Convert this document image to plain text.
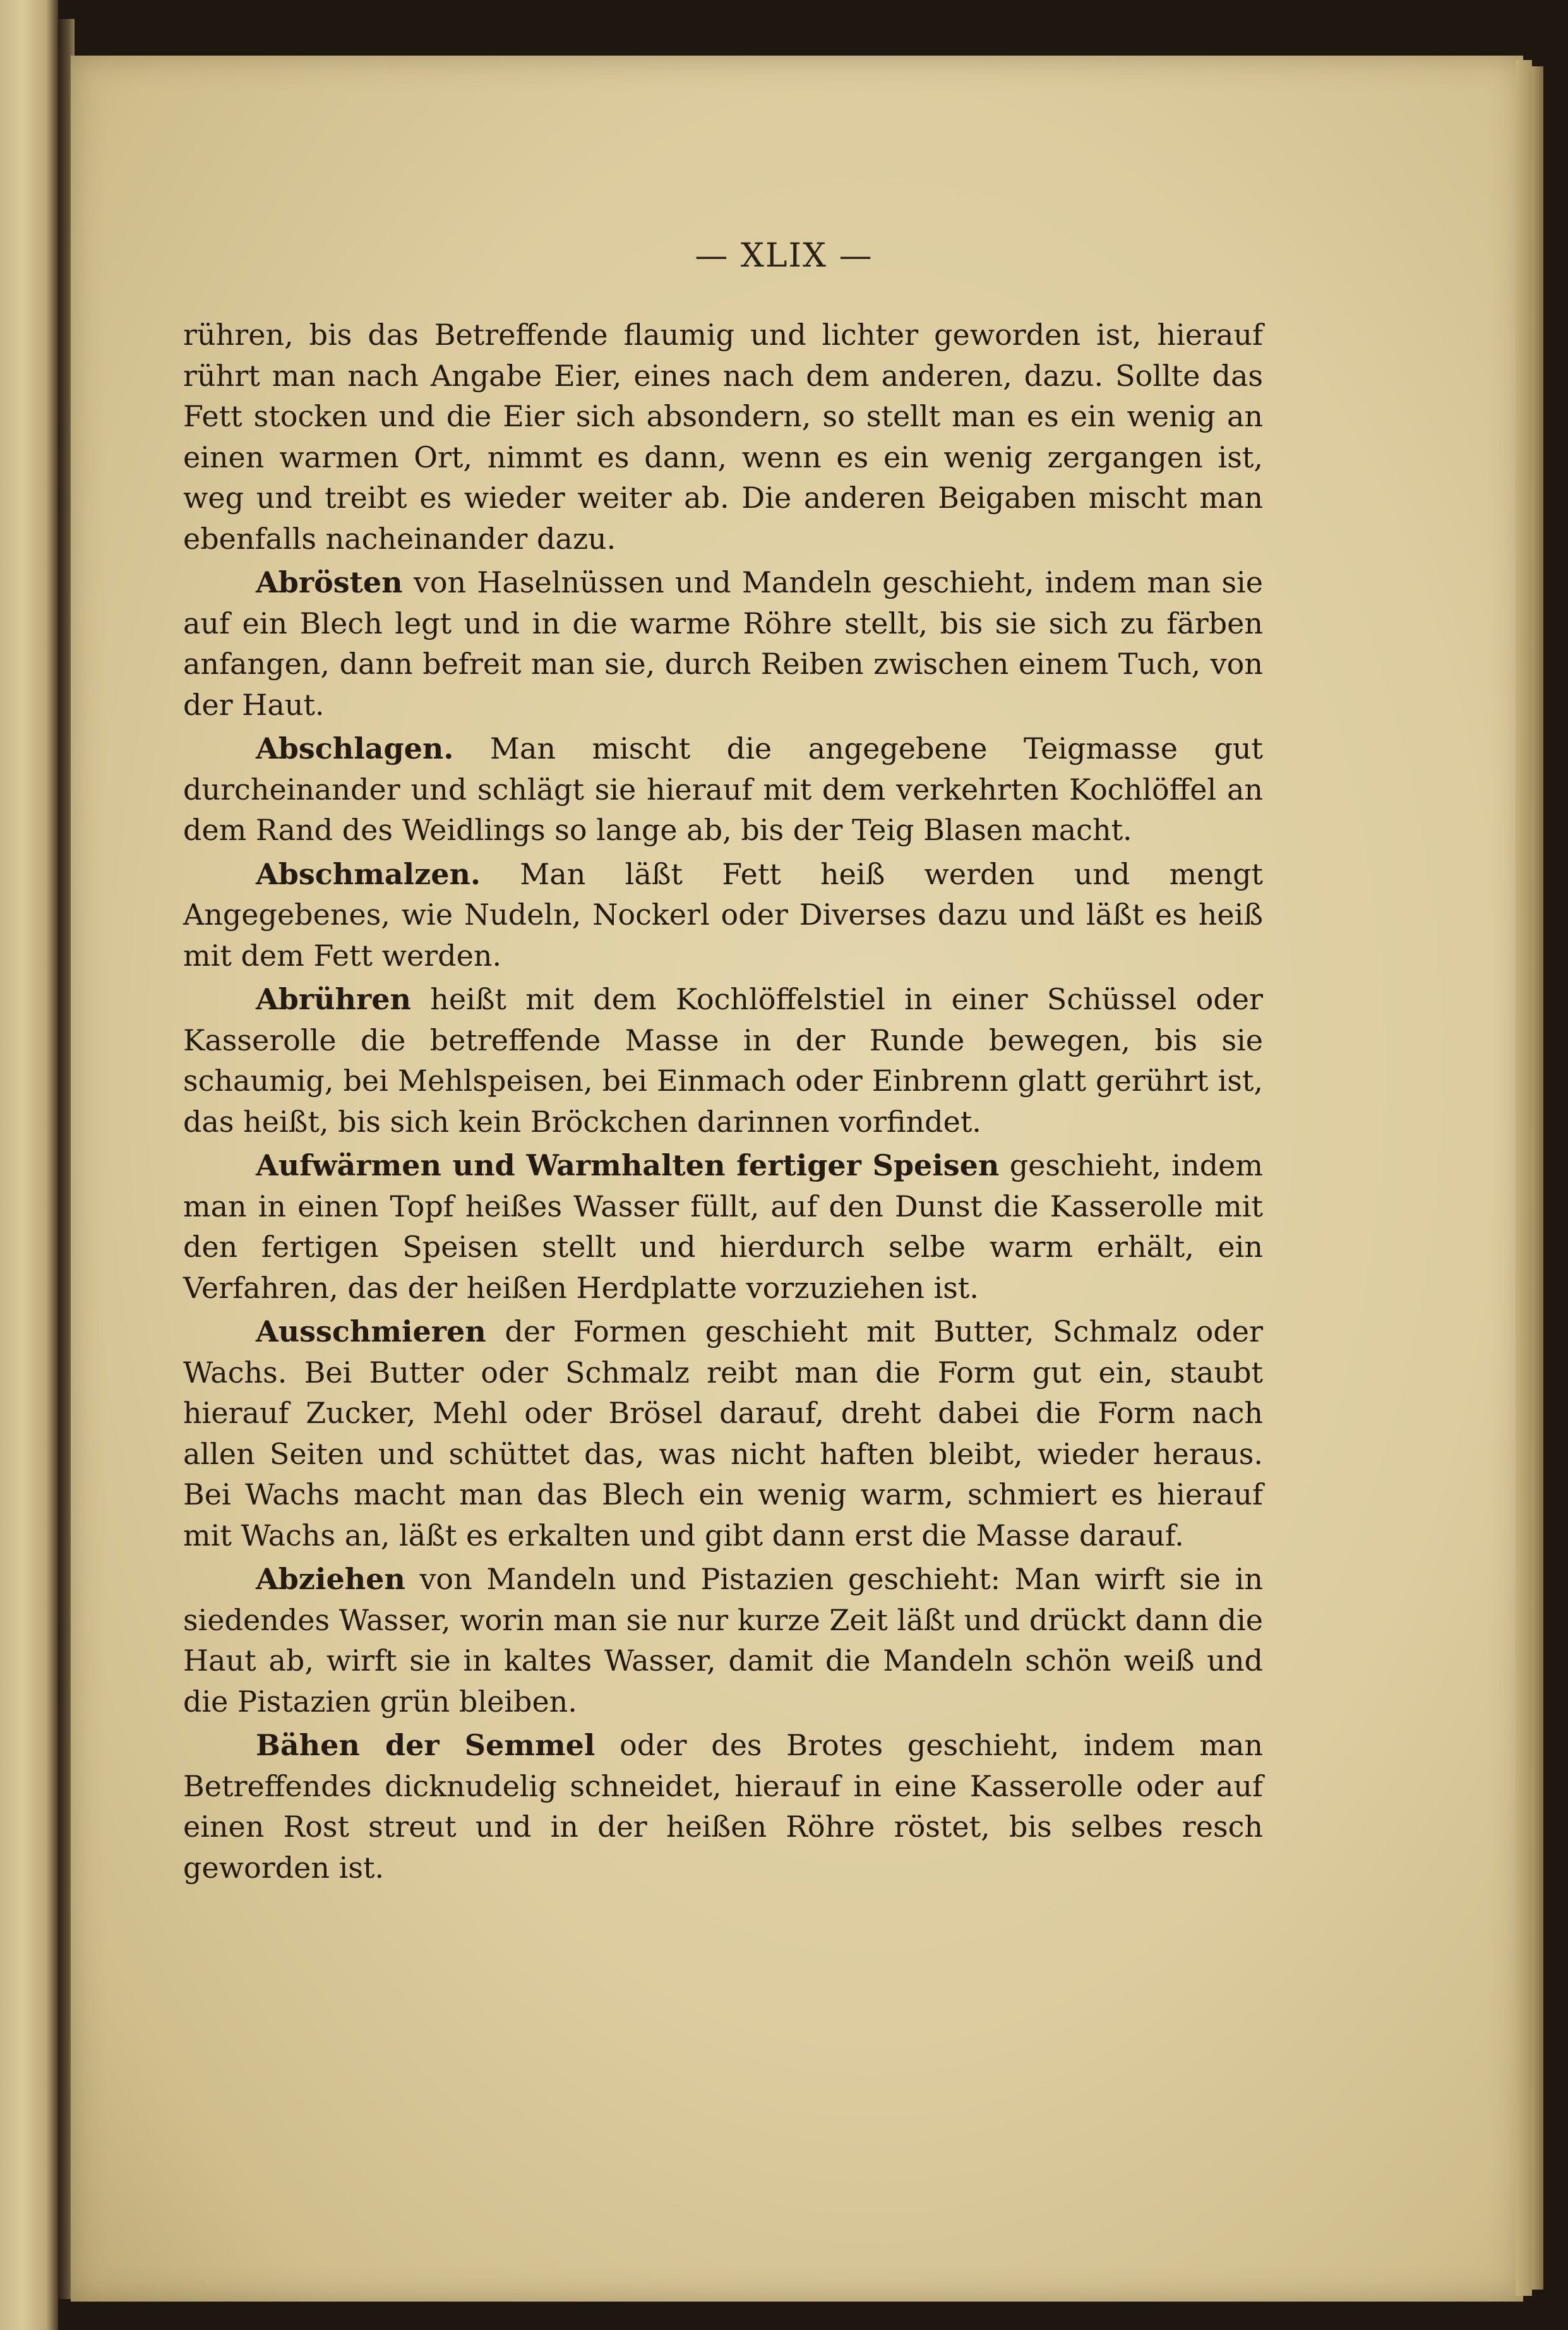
— XLIX —

rühren, bis das Betreffende flaumig und lichter geworden ist, hierauf rührt man nach Angabe Eier, eines nach dem anderen, dazu. Sollte das Fett stocken und die Eier sich absondern, so stellt man es ein wenig an einen warmen Ort, nimmt es dann, wenn es ein wenig zergangen ist, weg und treibt es wieder weiter ab. Die anderen Beigaben mischt man ebenfalls nacheinander dazu.

Abrösten von Haselnüssen und Mandeln geschieht, indem man sie auf ein Blech legt und in die warme Röhre stellt, bis sie sich zu färben anfangen, dann befreit man sie, durch Reiben zwischen einem Tuch, von der Haut.

Abschlagen. Man mischt die angegebene Teigmasse gut durcheinander und schlägt sie hierauf mit dem verkehrten Kochlöffel an dem Rand des Weidlings so lange ab, bis der Teig Blasen macht.

Abschmalzen. Man läßt Fett heiß werden und mengt Angegebenes, wie Nudeln, Nockerl oder Diverses dazu und läßt es heiß mit dem Fett werden.

Abrühren heißt mit dem Kochlöffelstiel in einer Schüssel oder Kasserolle die betreffende Masse in der Runde bewegen, bis sie schaumig, bei Mehlspeisen, bei Einmach oder Einbrenn glatt gerührt ist, das heißt, bis sich kein Bröckchen darinnen vorfindet.

Aufwärmen und Warmhalten fertiger Speisen geschieht, indem man in einen Topf heißes Wasser füllt, auf den Dunst die Kasserolle mit den fertigen Speisen stellt und hierdurch selbe warm erhält, ein Verfahren, das der heißen Herdplatte vorzuziehen ist.

Ausschmieren der Formen geschieht mit Butter, Schmalz oder Wachs. Bei Butter oder Schmalz reibt man die Form gut ein, staubt hierauf Zucker, Mehl oder Brösel darauf, dreht dabei die Form nach allen Seiten und schüttet das, was nicht haften bleibt, wieder heraus. Bei Wachs macht man das Blech ein wenig warm, schmiert es hierauf mit Wachs an, läßt es erkalten und gibt dann erst die Masse darauf.

Abziehen von Mandeln und Pistazien geschieht: Man wirft sie in siedendes Wasser, worin man sie nur kurze Zeit läßt und drückt dann die Haut ab, wirft sie in kaltes Wasser, damit die Mandeln schön weiß und die Pistazien grün bleiben.

Bähen der Semmel oder des Brotes geschieht, indem man Betreffendes dicknudelig schneidet, hierauf in eine Kasserolle oder auf einen Rost streut und in der heißen Röhre röstet, bis selbes resch geworden ist.
